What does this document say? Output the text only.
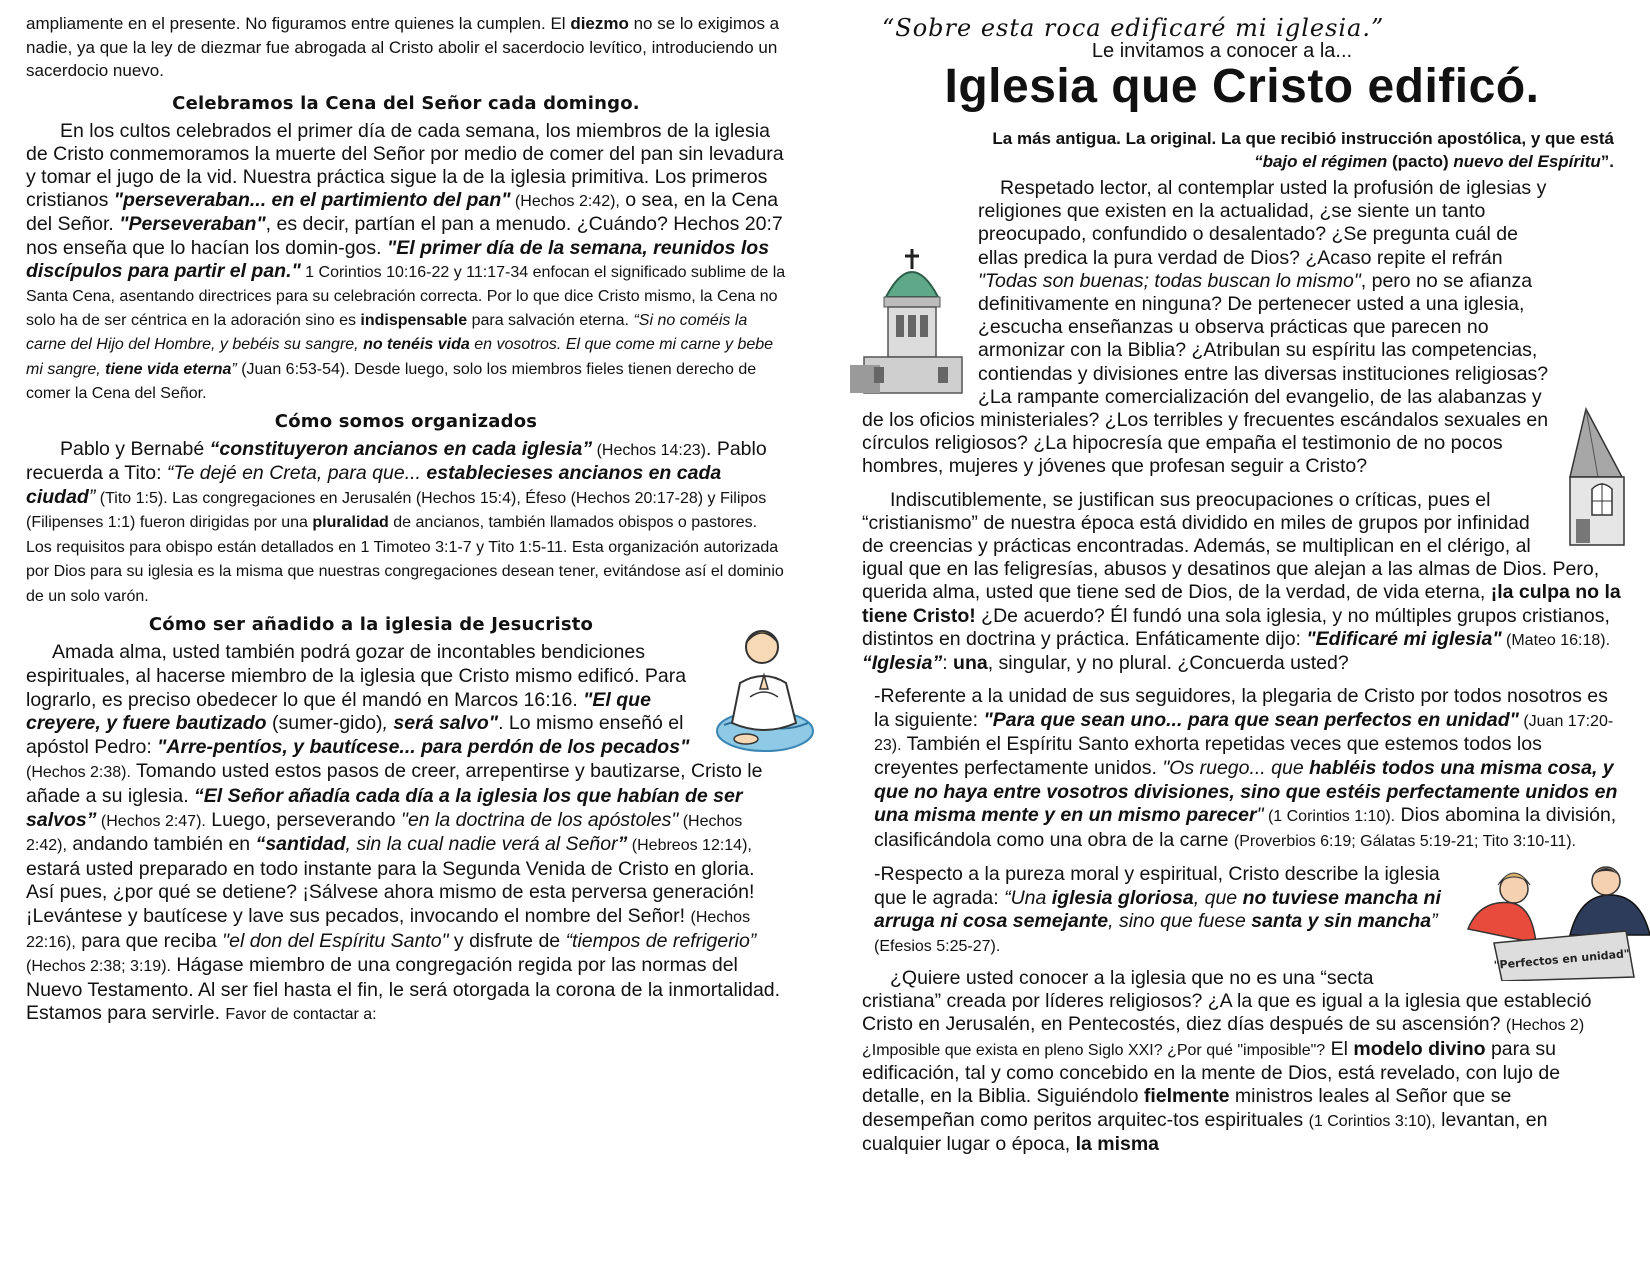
ampliamente en el presente. No figuramos entre quienes la cumplen. El diezmo no se lo exigimos a nadie, ya que la ley de diezmar fue abrogada al Cristo abolir el sacerdocio levítico, introduciendo un sacerdocio nuevo.

Celebramos la Cena del Señor cada domingo.

En los cultos celebrados el primer día de cada semana, los miembros de la iglesia de Cristo conmemoramos la muerte del Señor por medio de comer del pan sin levadura y tomar el jugo de la vid. Nuestra práctica sigue la de la iglesia primitiva. Los primeros cristianos "perseveraban... en el partimiento del pan" (Hechos 2:42), o sea, en la Cena del Señor. "Perseveraban", es decir, partían el pan a menudo. ¿Cuándo? Hechos 20:7 nos enseña que lo hacían los domin-gos. "El primer día de la semana, reunidos los discípulos para partir el pan." 1 Corintios 10:16-22 y 11:17-34 enfocan el significado sublime de la Santa Cena, asentando directrices para su celebración correcta. Por lo que dice Cristo mismo, la Cena no solo ha de ser céntrica en la adoración sino es indispensable para salvación eterna. “Si no coméis la carne del Hijo del Hombre, y bebéis su sangre, no tenéis vida en vosotros. El que come mi carne y bebe mi sangre, tiene vida eterna” (Juan 6:53-54). Desde luego, solo los miembros fieles tienen derecho de comer la Cena del Señor.

Cómo somos organizados

Pablo y Bernabé “constituyeron ancianos en cada iglesia” (Hechos 14:23). Pablo recuerda a Tito: “Te dejé en Creta, para que... establecieses ancianos en cada ciudad” (Tito 1:5). Las congregaciones en Jerusalén (Hechos 15:4), Éfeso (Hechos 20:17-28) y Filipos (Filipenses 1:1) fueron dirigidas por una pluralidad de ancianos, también llamados obispos o pastores. Los requisitos para obispo están detallados en 1 Timoteo 3:1-7 y Tito 1:5-11. Esta organización autorizada por Dios para su iglesia es la misma que nuestras congregaciones desean tener, evitándose así el dominio de un solo varón.

Cómo ser añadido a la iglesia de Jesucristo

Amada alma, usted también podrá gozar de incontables bendiciones espirituales, al hacerse miembro de la iglesia que Cristo mismo edificó. Para lograrlo, es preciso obedecer lo que él mandó en Marcos 16:16. "El que creyere, y fuere bautizado (sumer-gido), será salvo". Lo mismo enseñó el apóstol Pedro: "Arre-pentíos, y bautícese... para perdón de los pecados" (Hechos 2:38). Tomando usted estos pasos de creer, arrepentirse y bautizarse, Cristo le añade a su iglesia. “El Señor añadía cada día a la iglesia los que habían de ser salvos” (Hechos 2:47). Luego, perseverando "en la doctrina de los apóstoles" (Hechos 2:42), andando también en “santidad, sin la cual nadie verá al Señor” (Hebreos 12:14), estará usted preparado en todo instante para la Segunda Venida de Cristo en gloria. Así pues, ¿por qué se detiene? ¡Sálvese ahora mismo de esta perversa generación! ¡Levántese y bautícese y lave sus pecados, invocando el nombre del Señor! (Hechos 22:16), para que reciba "el don del Espíritu Santo" y disfrute de “tiempos de refrigerio” (Hechos 2:38; 3:19). Hágase miembro de una congregación regida por las normas del Nuevo Testamento. Al ser fiel hasta el fin, le será otorgada la corona de la inmortalidad. Estamos para servirle. Favor de contactar a:

“Sobre esta roca edificaré mi iglesia.”
Le invitamos a conocer a la...
Iglesia que Cristo edificó.

La más antigua. La original. La que recibió instrucción apostólica, y que está “bajo el régimen (pacto) nuevo del Espíritu”.

Respetado lector, al contemplar usted la profusión de iglesias y religiones que existen en la actualidad, ¿se siente un tanto preocupado, confundido o desalentado? ¿Se pregunta cuál de ellas predica la pura verdad de Dios? ¿Acaso repite el refrán "Todas son buenas; todas buscan lo mismo", pero no se afianza definitivamente en ninguna? De pertenecer usted a una iglesia, ¿escucha enseñanzas u observa prácticas que parecen no armonizar con la Biblia? ¿Atribulan su espíritu las competencias, contiendas y divisiones entre las diversas instituciones religiosas? ¿La rampante comercialización del evangelio, de las alabanzas y de los oficios ministeriales? ¿Los terribles y frecuentes escándalos sexuales en círculos religiosos? ¿La hipocresía que empaña el testimonio de no pocos hombres, mujeres y jóvenes que profesan seguir a Cristo?

Indiscutiblemente, se justifican sus preocupaciones o críticas, pues el “cristianismo” de nuestra época está dividido en miles de grupos por infinidad de creencias y prácticas encontradas. Además, se multiplican en el clérigo, al igual que en las feligresías, abusos y desatinos que alejan a las almas de Dios. Pero, querida alma, usted que tiene sed de Dios, de la verdad, de vida eterna, ¡la culpa no la tiene Cristo! ¿De acuerdo? Él fundó una sola iglesia, y no múltiples grupos cristianos, distintos en doctrina y práctica. Enfáticamente dijo: "Edificaré mi iglesia" (Mateo 16:18). “Iglesia”: una, singular, y no plural. ¿Concuerda usted?

-Referente a la unidad de sus seguidores, la plegaria de Cristo por todos nosotros es la siguiente: "Para que sean uno... para que sean perfectos en unidad" (Juan 17:20-23). También el Espíritu Santo exhorta repetidas veces que estemos todos los creyentes perfectamente unidos. "Os ruego... que habléis todos una misma cosa, y que no haya entre vosotros divisiones, sino que estéis perfectamente unidos en una misma mente y en un mismo parecer" (1 Corintios 1:10). Dios abomina la división, clasificándola como una obra de la carne (Proverbios 6:19; Gálatas 5:19-21; Tito 3:10-11).

"Perfectos en unidad"

-Respecto a la pureza moral y espiritual, Cristo describe la iglesia que le agrada: “Una iglesia gloriosa, que no tuviese mancha ni arruga ni cosa semejante, sino que fuese santa y sin mancha” (Efesios 5:25-27).

¿Quiere usted conocer a la iglesia que no es una “secta cristiana” creada por líderes religiosos? ¿A la que es igual a la iglesia que estableció Cristo en Jerusalén, en Pentecostés, diez días después de su ascensión? (Hechos 2) ¿Imposible que exista en pleno Siglo XXI? ¿Por qué "imposible"? El modelo divino para su edificación, tal y como concebido en la mente de Dios, está revelado, con lujo de detalle, en la Biblia. Siguiéndolo fielmente ministros leales al Señor que se desempeñan como peritos arquitec-tos espirituales (1 Corintios 3:10), levantan, en cualquier lugar o época, la misma
